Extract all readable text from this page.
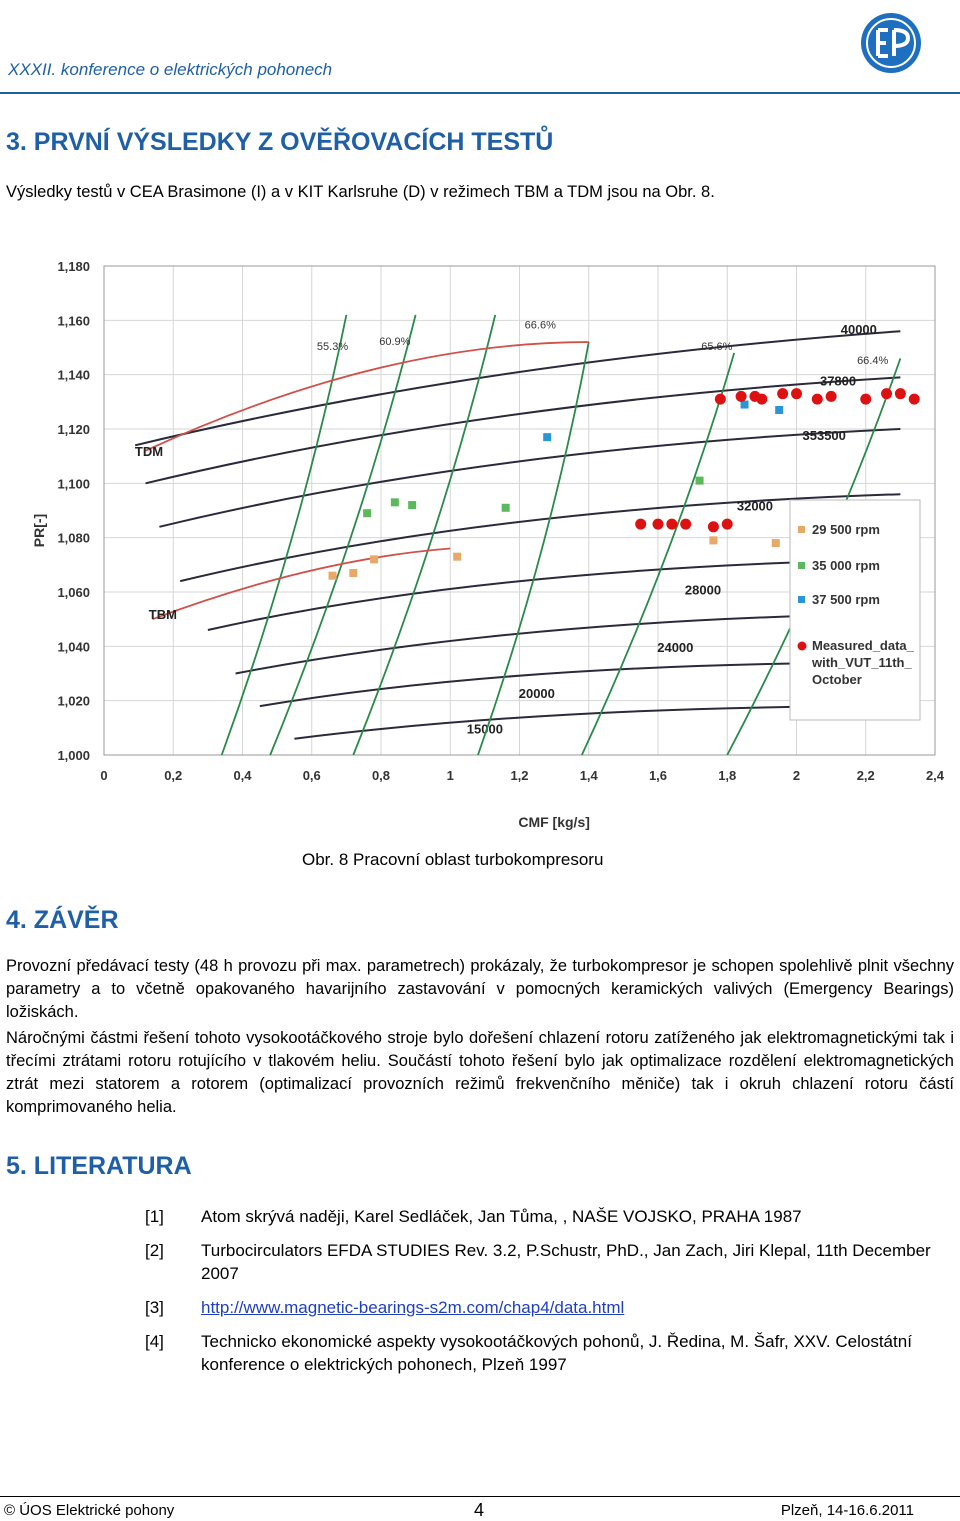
XXXII. konference o elektrických pohonech
3. PRVNÍ VÝSLEDKY Z OVĚŘOVACÍCH TESTŮ

Výsledky testů v CEA Brasimone (I) a v KIT Karlsruhe (D) v režimech TBM a TDM jsou na Obr. 8.

0	0,2	0,4	0,6	0,8	1	1,2	1,4	1,6	1,8	2	2,2	2,4
1,000
1,020
1,040
1,060
1,080
1,100
1,120
1,140
1,160
1,180
CMF [kg/s]
PR[-]
15000
20000
24000
28000
32000
353500
37800
40000
55.3%	60.9%
66.6%
65.6%
66.4%
TDM
TBM
29 500 rpm
35 000 rpm
37 500 rpm
Measured_data_ with_VUT_11th_ October
Obr. 8 Pracovní oblast turbokompresoru
4. ZÁVĚR

Provozní předávací testy (48 h provozu při max. parametrech) prokázaly, že turbokompresor je schopen spolehlivě plnit všechny parametry a to včetně opakovaného havarijního zastavování v pomocných keramických valivých (Emergency Bearings) ložiskách.

Náročnými částmi řešení tohoto vysokootáčkového stroje bylo dořešení chlazení rotoru zatíženého jak elektromagnetickými tak i třecími ztrátami rotoru rotujícího v tlakovém heliu. Součástí tohoto řešení bylo jak optimalizace rozdělení elektromagnetických ztrát mezi statorem a rotorem (optimalizací provozních režimů frekvenčního měniče) tak i okruh chlazení rotoru částí komprimovaného helia.

5. LITERATURA
[1] Atom skrývá naději, Karel Sedláček, Jan Tůma, , NAŠE VOJSKO, PRAHA 1987
[2] Turbocirculators EFDA STUDIES Rev. 3.2, P.Schustr, PhD., Jan Zach, Jiri Klepal, 11th December 2007
[3] http://www.magnetic-bearings-s2m.com/chap4/data.html
[4] Technicko ekonomické aspekty vysokootáčkových pohonů, J. Ředina, M. Šafr, XXV. Celostátní konference o elektrických pohonech, Plzeň 1997
© ÚOS Elektrické pohony	4	Plzeň, 14-16.6.2011
